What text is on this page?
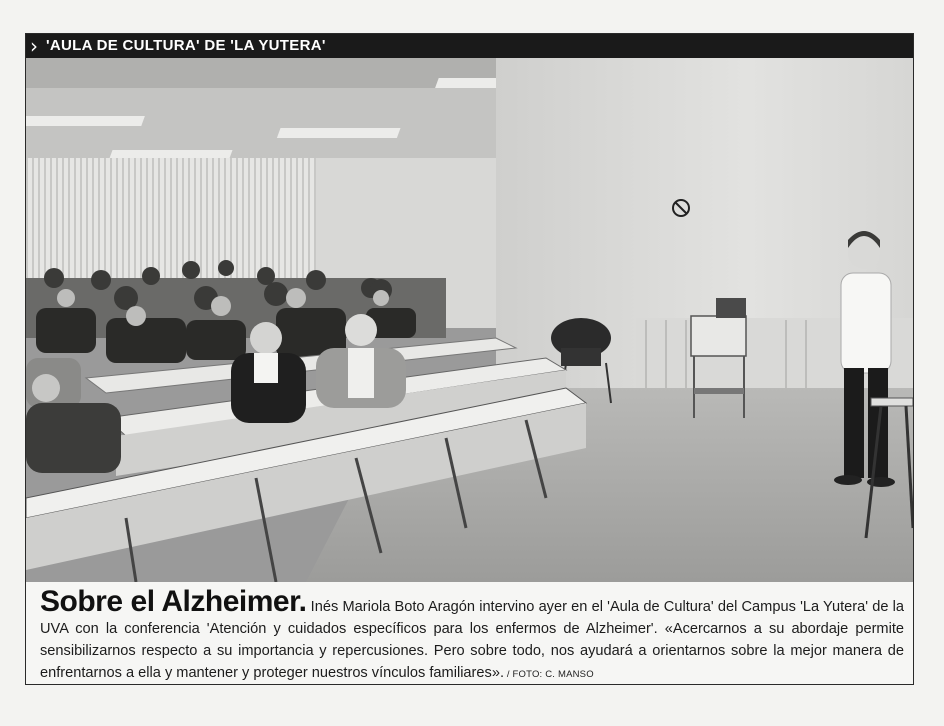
› 'AULA DE CULTURA' DE 'LA YUTERA'
Sobre el Alzheimer. Inés Mariola Boto Aragón intervino ayer en el 'Aula de Cultura' del Campus 'La Yutera' de la UVA con la conferencia 'Atención y cuidados específicos para los enfermos de Alzheimer'. «Acercarnos a su abordaje permite sensibilizarnos respecto a su importancia y repercusiones. Pero sobre todo, nos ayudará a orientarnos sobre la mejor manera de enfrentarnos a ella y mantener y proteger nuestros vínculos familiares». / FOTO: C. MANSO
